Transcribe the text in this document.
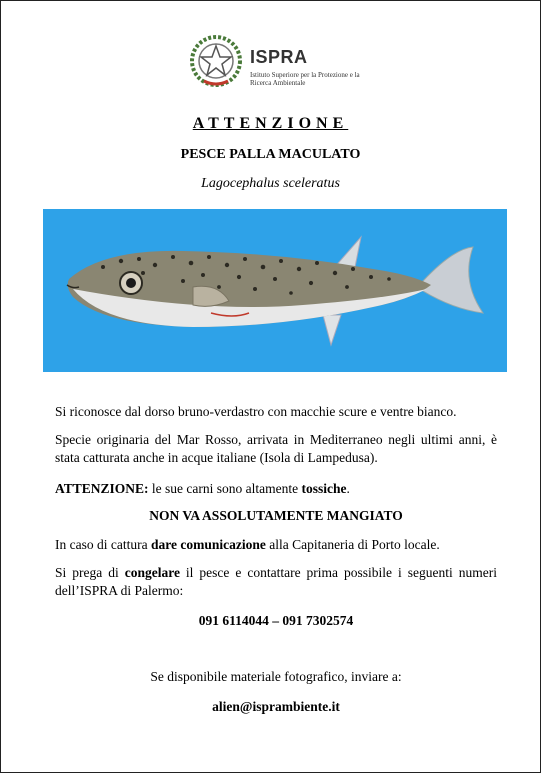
ISPRA
Istituto Superiore per la Protezione e la Ricerca Ambientale
ATTENZIONE
PESCE PALLA MACULATO
Lagocephalus sceleratus
Si riconosce dal dorso bruno-verdastro con macchie scure e ventre bianco.
Specie originaria del Mar Rosso, arrivata in Mediterraneo negli ultimi anni, è stata catturata anche in acque italiane (Isola di Lampedusa).
ATTENZIONE: le sue carni sono altamente tossiche.
NON VA ASSOLUTAMENTE MANGIATO
In caso di cattura dare comunicazione alla Capitaneria di Porto locale.
Si prega di congelare il pesce e contattare prima possibile i seguenti numeri dell’ISPRA di Palermo:
091 6114044 – 091 7302574
Se disponibile materiale fotografico, inviare a:
alien@isprambiente.it
